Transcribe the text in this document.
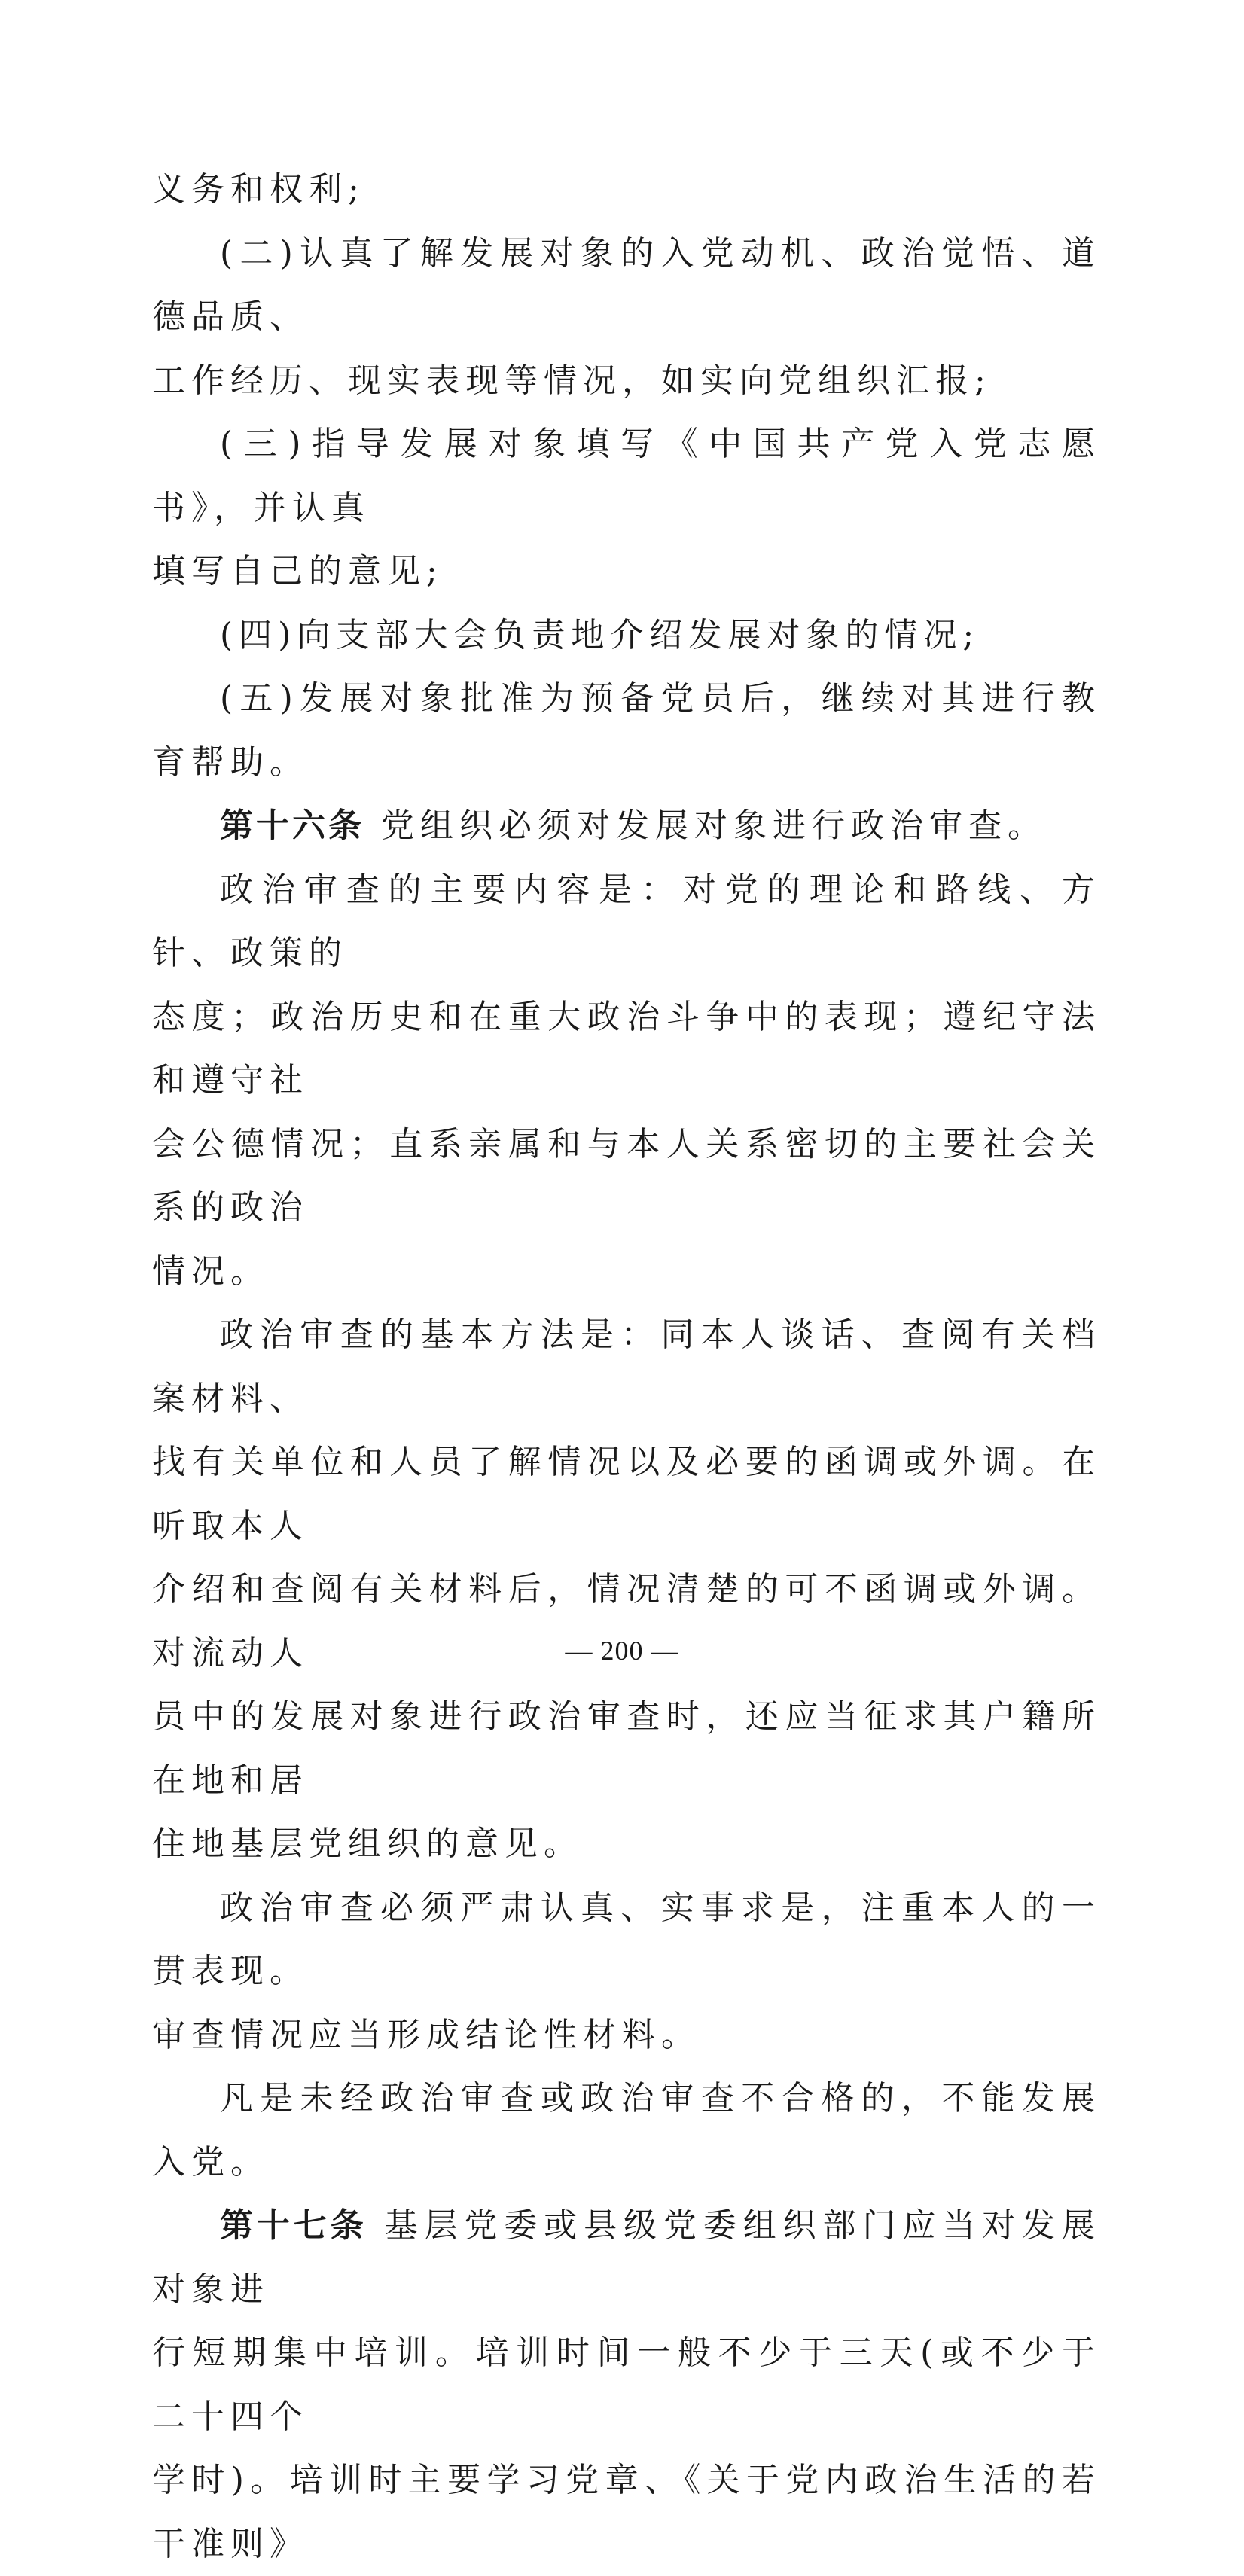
义务和权利;
(二)认真了解发展对象的入党动机、政治觉悟、道德品质、
工作经历、现实表现等情况，如实向党组织汇报;
(三)指导发展对象填写《中国共产党入党志愿书》，并认真
填写自己的意见;
(四)向支部大会负责地介绍发展对象的情况;
(五)发展对象批准为预备党员后，继续对其进行教育帮助。
第十六条 党组织必须对发展对象进行政治审查。
政治审查的主要内容是：对党的理论和路线、方针、政策的
态度；政治历史和在重大政治斗争中的表现；遵纪守法和遵守社
会公德情况；直系亲属和与本人关系密切的主要社会关系的政治
情况。
政治审查的基本方法是：同本人谈话、查阅有关档案材料、
找有关单位和人员了解情况以及必要的函调或外调。在听取本人
介绍和查阅有关材料后，情况清楚的可不函调或外调。对流动人
员中的发展对象进行政治审查时，还应当征求其户籍所在地和居
住地基层党组织的意见。
政治审查必须严肃认真、实事求是，注重本人的一贯表现。
审查情况应当形成结论性材料。
凡是未经政治审查或政治审查不合格的，不能发展入党。
第十七条 基层党委或县级党委组织部门应当对发展对象进
行短期集中培训。培训时间一般不少于三天(或不少于二十四个
学时)。培训时主要学习党章、《关于党内政治生活的若干准则》
— 200 —
